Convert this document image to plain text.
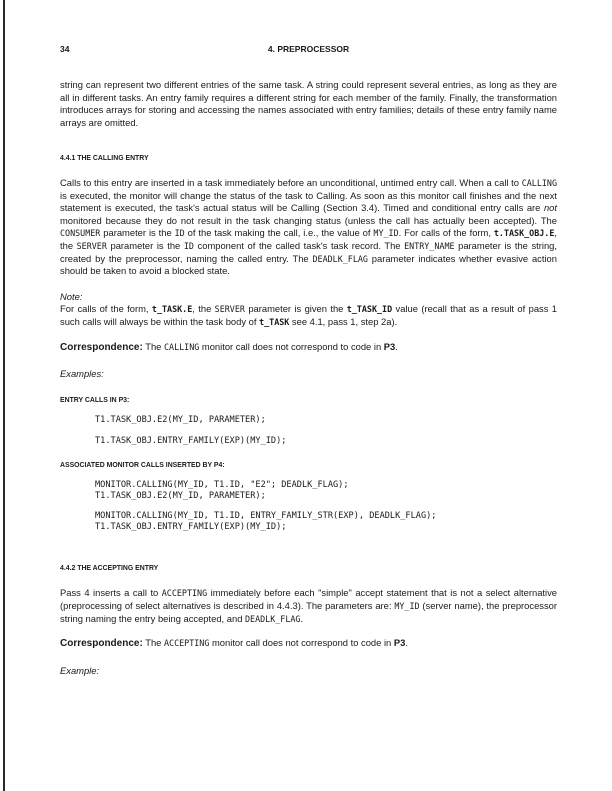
34	4. PREPROCESSOR

string can represent two different entries of the same task. A string could represent several entries, as long as they are all in different tasks. An entry family requires a different string for each member of the family. Finally, the transformation introduces arrays for storing and accessing the names associated with entry families; details of these entry family name arrays are omitted.

4.4.1 THE CALLING ENTRY

Calls to this entry are inserted in a task immediately before an unconditional, untimed entry call. When a call to CALLING is executed, the monitor will change the status of the task to Calling. As soon as this monitor call finishes and the next statement is executed, the task's actual status will be Calling (Section 3.4). Timed and conditional entry calls are not monitored because they do not result in the task changing status (unless the call has actually been accepted). The CONSUMER parameter is the ID of the task making the call, i.e., the value of MY_ID. For calls of the form, t.TASK_OBJ.E, the SERVER parameter is the ID component of the called task's task record. The ENTRY_NAME parameter is the string, created by the preprocessor, naming the called entry. The DEADLK_FLAG parameter indicates whether evasive action should be taken to avoid a blocked state.

Note:

For calls of the form, t_TASK.E, the SERVER parameter is given the t_TASK_ID value (recall that as a result of pass 1 such calls will always be within the task body of t_TASK see 4.1, pass 1, step 2a).

Correspondence: The CALLING monitor call does not correspond to code in P3.

Examples:

ENTRY CALLS IN P3:

T1.TASK_OBJ.E2(MY_ID, PARAMETER);

T1.TASK_OBJ.ENTRY_FAMILY(EXP)(MY_ID);

ASSOCIATED MONITOR CALLS INSERTED BY P4:

MONITOR.CALLING(MY_ID, T1.ID, "E2"; DEADLK_FLAG);

T1.TASK_OBJ.E2(MY_ID, PARAMETER);

MONITOR.CALLING(MY_ID, T1.ID, ENTRY_FAMILY_STR(EXP), DEADLK_FLAG);

T1.TASK_OBJ.ENTRY_FAMILY(EXP)(MY_ID);

4.4.2 THE ACCEPTING ENTRY

Pass 4 inserts a call to ACCEPTING immediately before each "simple" accept statement that is not a select alternative (preprocessing of select alternatives is described in 4.4.3). The parameters are: MY_ID (server name), the preprocessor string naming the entry being accepted, and DEADLK_FLAG.

Correspondence: The ACCEPTING monitor call does not correspond to code in P3.

Example:
